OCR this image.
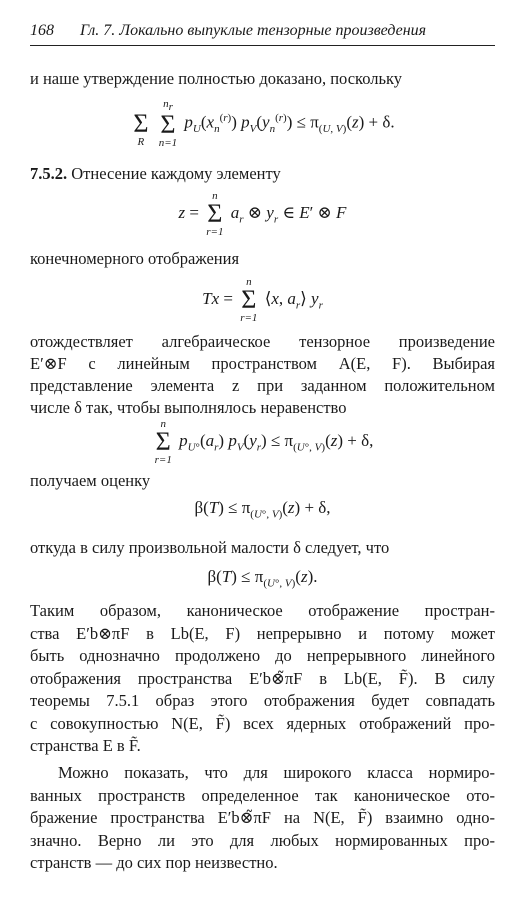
168 Гл. 7. Локально выпуклые тензорные произведения
и наше утверждение полностью доказано, поскольку

Σ
R

$n_r$
Σ
n=1
$p_U(x_n^{(r)}) p_V(y_n^{(r)}) \le \pi_{(U, V)}(z) + \delta$.
7.5.2. Отнесение каждому элементу
z =
n
Σ
r=1
$a_r$ ⊗ $y_r$ ∈ E′ ⊗ F
конечномерного отображения
Tx =
n
Σ
r=1
⟨x, $a_r⟩$ $y_r$
отождествляет алгебраическое тензорное произведение
E′⊗F с линейным пространством A(E, F). Выбирая
представление элемента z при заданном положительном
числе δ так, чтобы выполнялось неравенство
n
Σ
r=1
$p_{U^\circ}(a_r) p_V(y_r) \le \pi_{(U^\circ, V)}(z) + \delta$,
получаем оценку
$\beta(T) \le \pi_{(U^\circ, V)}(z) + \delta$,
откуда в силу произвольной малости δ следует, что
$\beta(T) \le \pi_{(U^\circ, V)}(z)$.
Таким образом, каноническое отображение простран-
ства E′b⊗πF в Lb(E, F) непрерывно и потому может
быть однозначно продолжено до непрерывного линейного
отображения пространства E′b⊗̃πF в Lb(E, F̃). В силу
теоремы 7.5.1 образ этого отображения будет совпадать
с совокупностью N(E, F̃) всех ядерных отображений про-
странства E в F̃.
Можно показать, что для широкого класса нормиро-
ванных пространств определенное так каноническое ото-
бражение пространства E′b⊗̃πF на N(E, F̃) взаимно одно-
значно. Верно ли это для любых нормированных про-
странств — до сих пор неизвестно.
